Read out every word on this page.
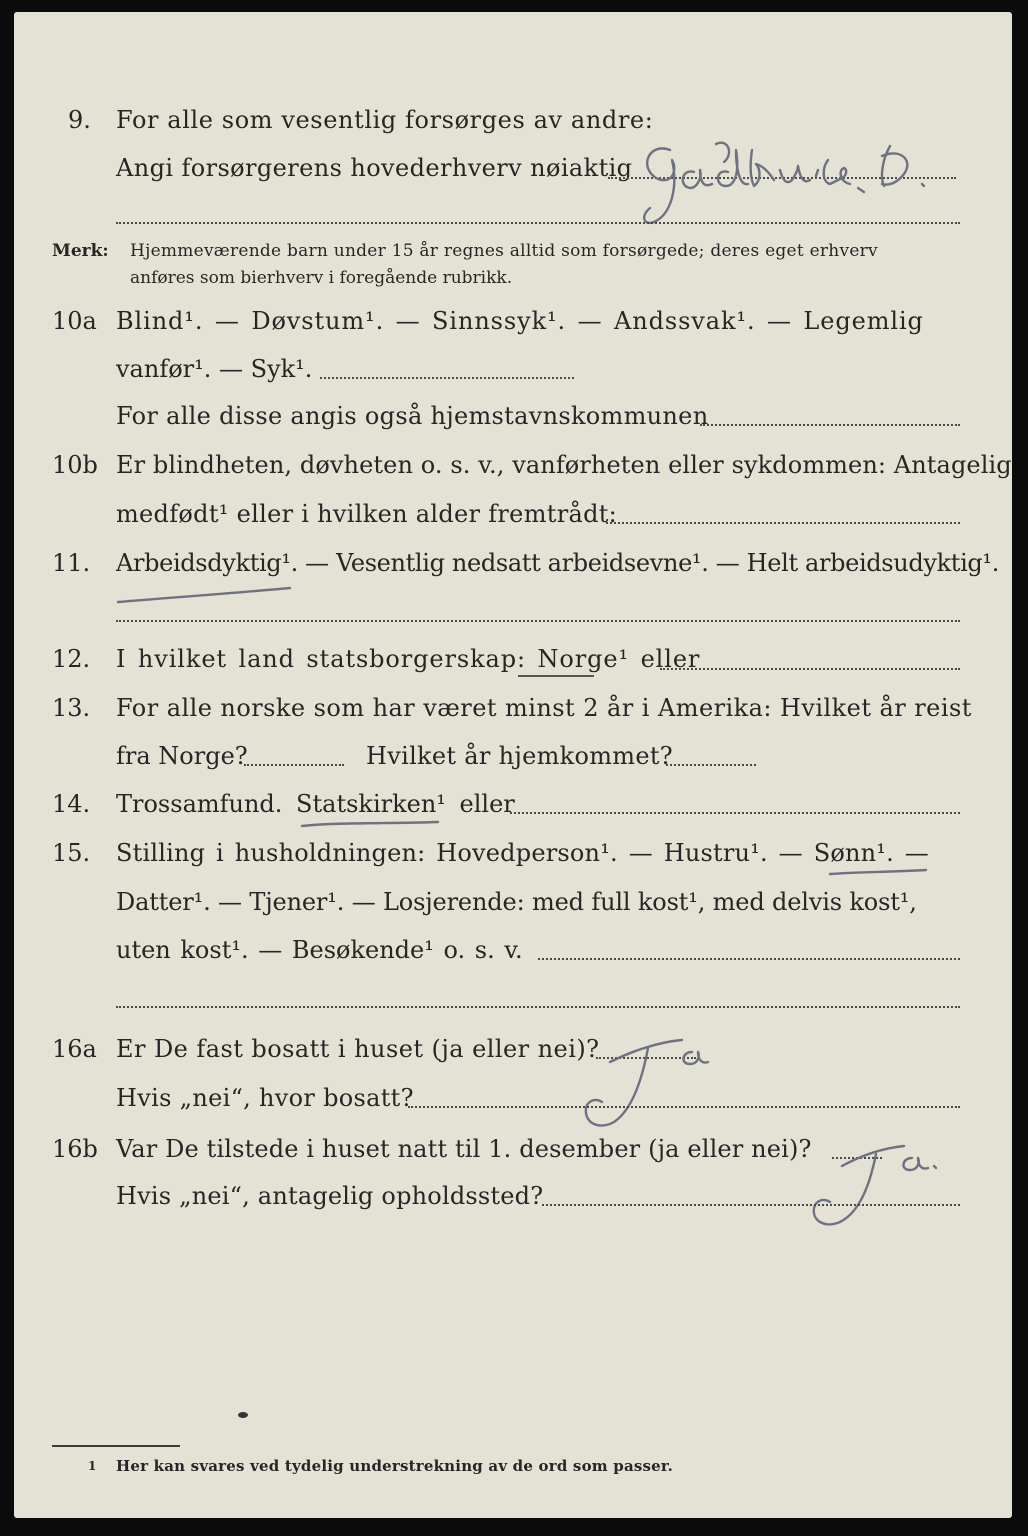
9. For alle som vesentlig forsørges av andre:
Angi forsørgerens hovederhverv nøiaktig
Merk: Hjemmeværende barn under 15 år regnes alltid som forsørgede; deres eget erhverv
anføres som bierhverv i foregående rubrikk.
10a Blind¹. — Døvstum¹. — Sinnssyk¹. — Andssvak¹. — Legemlig
vanfør¹. — Syk¹.
For alle disse angis også hjemstavnskommunen
10b Er blindheten, døvheten o. s. v., vanførheten eller sykdommen: Antagelig
medfødt¹ eller i hvilken alder fremtrådt:
11. Arbeidsdyktig¹. — Vesentlig nedsatt arbeidsevne¹. — Helt arbeidsudyktig¹.
12. I hvilket land statsborgerskap: Norge¹ eller
13. For alle norske som har været minst 2 år i Amerika: Hvilket år reist
fra Norge?	Hvilket år hjemkommet?
14. Trossamfund. Statskirken¹ eller
15. Stilling i husholdningen: Hovedperson¹. — Hustru¹. — Sønn¹. —
Datter¹. — Tjener¹. — Losjerende: med full kost¹, med delvis kost¹,
uten kost¹. — Besøkende¹ o. s. v.
16a Er De fast bosatt i huset (ja eller nei)?
Hvis „nei“, hvor bosatt?
16b Var De tilstede i huset natt til 1. desember (ja eller nei)?
Hvis „nei“, antagelig opholdssted?
1 Her kan svares ved tydelig understrekning av de ord som passer.
